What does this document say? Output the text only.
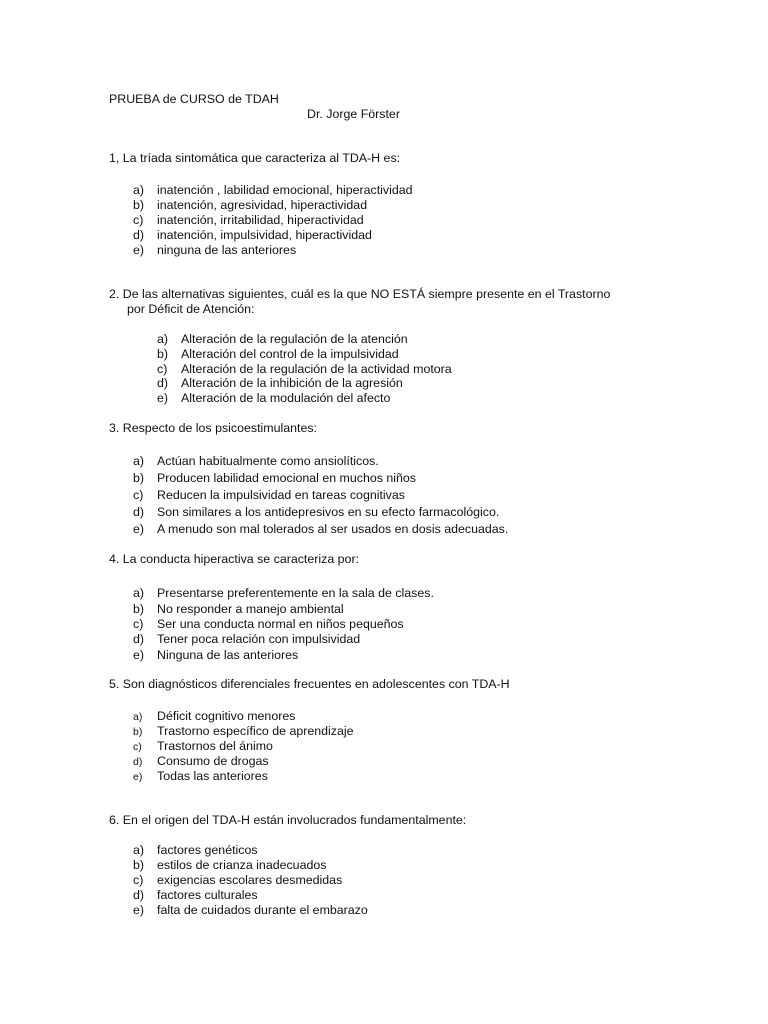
PRUEBA de CURSO de TDAH
Dr. Jorge Förster
1, La tríada sintomática que caracteriza al TDA-H es:
a) inatención , labilidad emocional, hiperactividad
b) inatención, agresividad, hiperactividad
c) inatención, irritabilidad, hiperactividad
d) inatención, impulsividad, hiperactividad
e) ninguna de las anteriores
2. De las alternativas siguientes, cuál es la que NO ESTÁ siempre presente en el Trastorno
por Déficit de Atención:
a) Alteración de la regulación de la atención
b) Alteración del control de la impulsividad
c) Alteración de la regulación de la actividad motora
d) Alteración de la inhibición de la agresión
e) Alteración de la modulación del afecto
3. Respecto de los psicoestimulantes:
a) Actúan habitualmente como ansiolíticos.
b) Producen labilidad emocional en muchos niños
c) Reducen la impulsividad en tareas cognitivas
d) Son similares a los antidepresivos en su efecto farmacológico.
e) A menudo son mal tolerados al ser usados en dosis adecuadas.
4. La conducta hiperactiva se caracteriza por:
a) Presentarse preferentemente en la sala de clases.
b) No responder a manejo ambiental
c) Ser una conducta normal en niños pequeños
d) Tener poca relación con impulsividad
e) Ninguna de las anteriores
5. Son diagnósticos diferenciales frecuentes en adolescentes con TDA-H
a) Déficit cognitivo menores
b) Trastorno específico de aprendizaje
c) Trastornos del ánimo
d) Consumo de drogas
e) Todas las anteriores
6. En el origen del TDA-H están involucrados fundamentalmente:
a) factores genéticos
b) estilos de crianza inadecuados
c) exigencias escolares desmedidas
d) factores culturales
e) falta de cuidados durante el embarazo
